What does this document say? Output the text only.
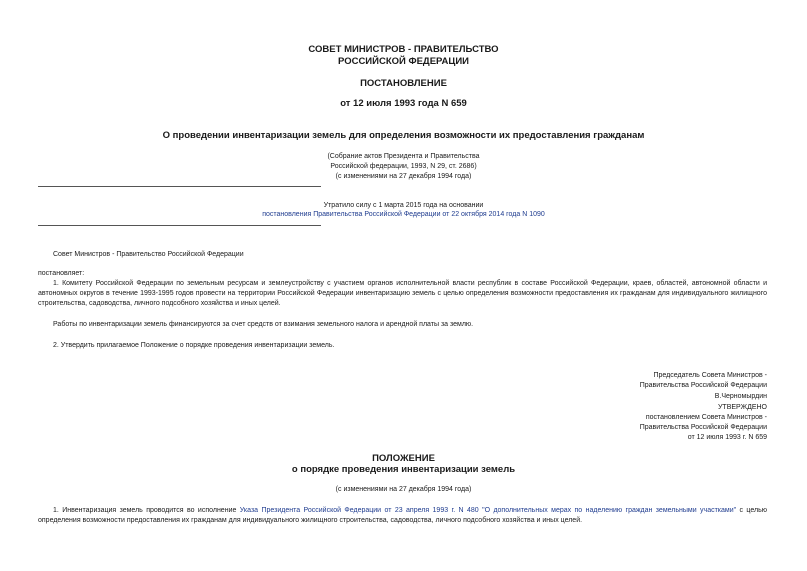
СОВЕТ МИНИСТРОВ - ПРАВИТЕЛЬСТВО
РОССИЙСКОЙ ФЕДЕРАЦИИ
ПОСТАНОВЛЕНИЕ
от 12 июля 1993 года N 659
О проведении инвентаризации земель для определения возможности их предоставления гражданам
(Собрание актов Президента и Правительства
Российской федерации, 1993, N 29, ст. 2686)
(с изменениями на 27 декабря 1994 года)
Утратило силу с 1 марта 2015 года на основании
постановления Правительства Российской Федерации от 22 октября 2014 года N 1090
Совет Министров - Правительство Российской Федерации
постановляет:
1. Комитету Российской Федерации по земельным ресурсам и землеустройству с участием органов исполнительной власти республик в составе Российской Федерации, краев, областей, автономной области и автономных округов в течение 1993-1995 годов провести на территории Российской Федерации инвентаризацию земель с целью определения возможности предоставления их гражданам для индивидуального жилищного строительства, садоводства, личного подсобного хозяйства и иных целей.
Работы по инвентаризации земель финансируются за счет средств от взимания земельного налога и арендной платы за землю.
2. Утвердить прилагаемое Положение о порядке проведения инвентаризации земель.
Председатель Совета Министров -
Правительства Российской Федерации
В.Черномырдин
УТВЕРЖДЕНО
постановлением Совета Министров -
Правительства Российской Федерации
от 12 июля 1993 г. N 659
ПОЛОЖЕНИЕ
о порядке проведения инвентаризации земель
(с изменениями на 27 декабря 1994 года)
1. Инвентаризация земель проводится во исполнение Указа Президента Российской Федерации от 23 апреля 1993 г. N 480 "О дополнительных мерах по наделению граждан земельными участками" с целью определения возможности предоставления их гражданам для индивидуального жилищного строительства, садоводства, личного подсобного хозяйства и иных целей.
